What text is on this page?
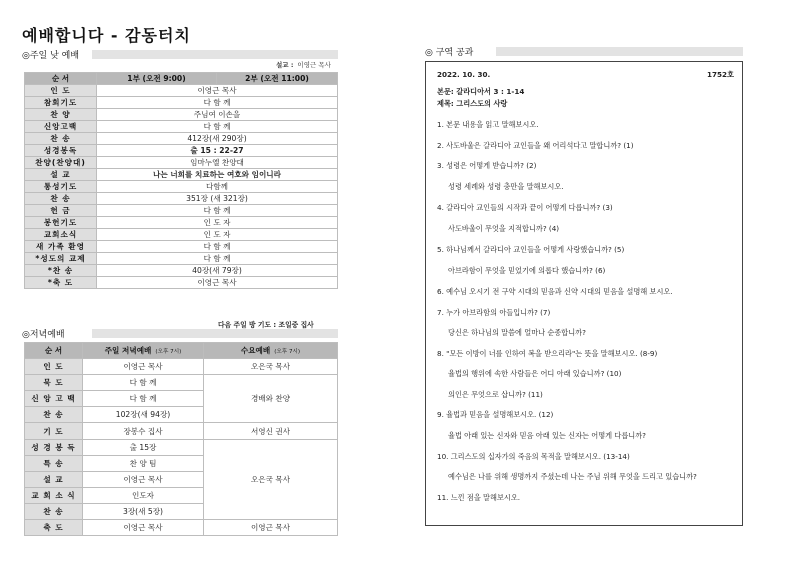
예배합니다 - 감동터치
◎주일 낮 예배
설교 : 이영근 목사
순 서	1부 (오전 9:00)	2부 (오전 11:00)
인 도	이영근 목사	
참회기도	다 함 께	
찬 양	주님여 이손을	
신앙고백	다 함 께	
찬 송	412장(새 290장)	
성경봉독	출 15 : 22-27	
찬양(찬양대)	임마누엘 찬양대	
설 교	나는 너희를 치료하는 여호와 임이니라	
통성기도	다함께	
찬 송	351장 (새 321장)	
헌 금	다 함 께	
봉헌기도	인 도 자	
교회소식	인 도 자	
새 가족 환영	다 함 께	
*성도의 교제	다 함 께	
*찬 송	40장(새 79장)	
*축 도	이영근 목사	
다음 주일 방 기도 : 조일중 집사
◎저녁예배
순 서	주일 저녁예배 (오후 7시)	수요예배 (오후 7시)
인 도	이영근 목사	오은국 목사
묵 도	다 함 께	경배와 찬양
신 앙 고 백	다 함 께	
찬 송	102장(새 94장)	
기 도	장봉수 집사	서영신 권사
성 경 봉 독	출 15장	오은국 목사
특 송	찬 양 팀	
설 교	이영근 목사	
교 회 소 식	인도자	
찬 송	3장(새 5장)	
축 도	이영근 목사	이영근 목사
◎ 구역 공과
2022. 10. 30.	1752호
본문: 갈라디아서 3 : 1-14
제목: 그리스도의 사랑
1. 본문 내용을 읽고 말해보시오.
2. 사도바울은 갈라디아 교인들을 왜 어리석다고 말합니까? (1)
3. 성령은 어떻게 받습니까? (2)
성령 세례와 성령 충만을 말해보시오.
4. 갈라디아 교인들의 시작과 끝이 어떻게 다릅니까? (3)
사도바울이 무엇을 지적합니까? (4)
5. 하나님께서 갈라디아 교인들을 어떻게 사랑했습니까? (5)
아브라함이 무엇을 믿었기에 의롭다 했습니까? (6)
6. 예수님 오시기 전 구약 시대의 믿음과 신약 시대의 믿음을 설명해 보시오.
7. 누가 아브라함의 아들입니까? (7)
당신은 하나님의 말씀에 얼마나 순종합니까?
8. "모든 이방이 너를 인하여 복을 받으리라"는 뜻을 말해보시오. (8-9)
율법의 행위에 속한 사람들은 어디 아래 있습니까? (10)
의인은 무엇으로 삽니까? (11)
9. 율법과 믿음을 설명해보시오. (12)
율법 아래 있는 신자와 믿음 아래 있는 신자는 어떻게 다릅니까?
10. 그리스도의 십자가의 죽음의 목적을 말해보시오. (13-14)
예수님은 나를 위해 생명까지 주셨는데 나는 주님 위해 무엇을 드리고 있습니까?
11. 느낀 점을 말해보시오.
